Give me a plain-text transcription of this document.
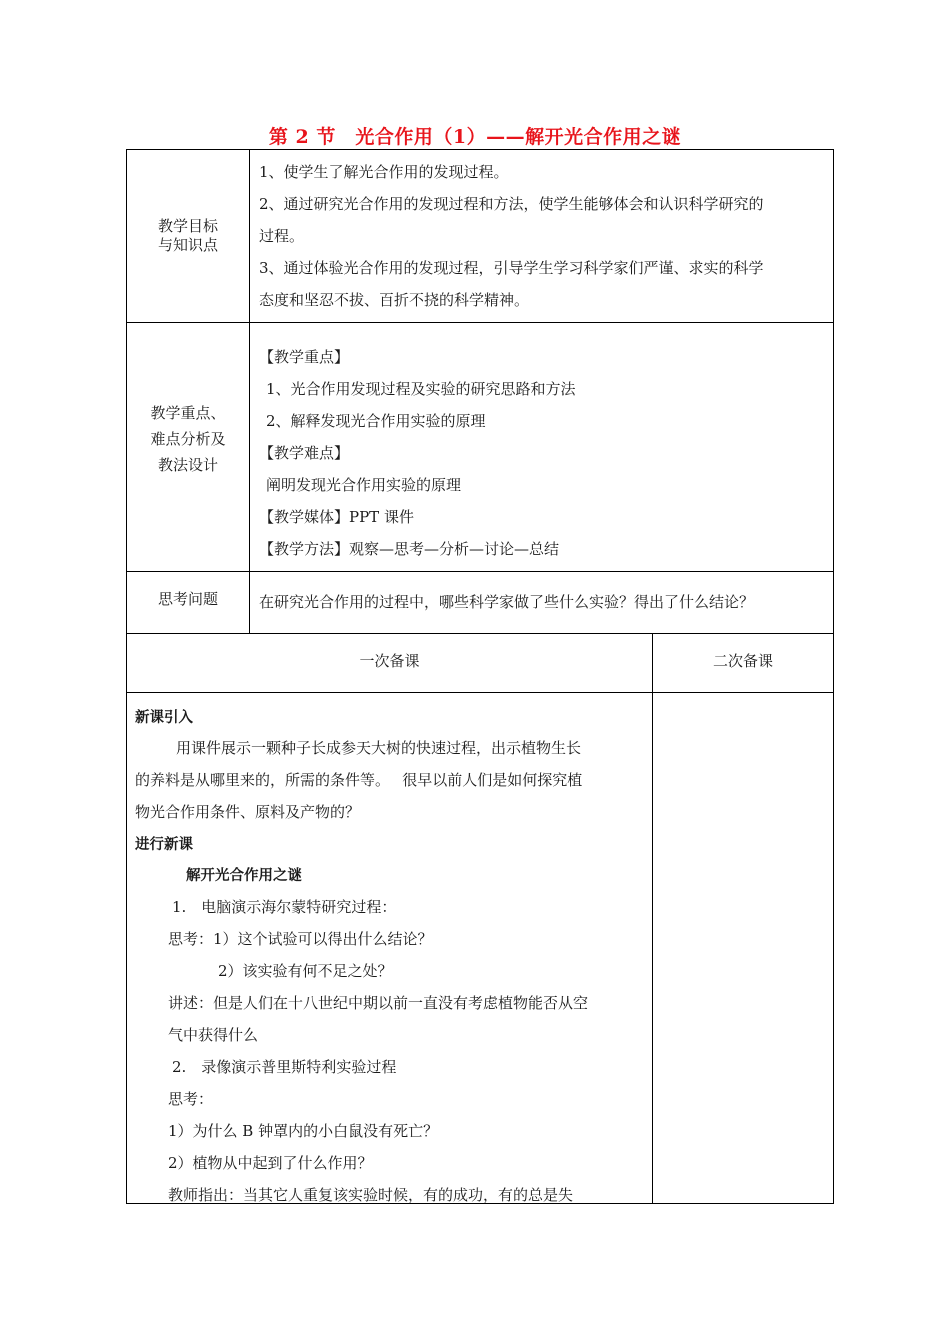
第 2 节　光合作用（1）——解开光合作用之谜
教学目标
与知识点
1、使学生了解光合作用的发现过程。
2、通过研究光合作用的发现过程和方法，使学生能够体会和认识科学研究的
过程。
3、通过体验光合作用的发现过程，引导学生学习科学家们严谨、求实的科学
态度和坚忍不拔、百折不挠的科学精神。
教学重点、
难点分析及
教法设计
【教学重点】
1、光合作用发现过程及实验的研究思路和方法
2、解释发现光合作用实验的原理
【教学难点】
阐明发现光合作用实验的原理
【教学媒体】PPT 课件
【教学方法】观察—思考—分析—讨论—总结
思考问题	在研究光合作用的过程中，哪些科学家做了些什么实验？得出了什么结论？
一次备课	二次备课
新课引入
用课件展示一颗种子长成参天大树的快速过程，出示植物生长
的养料是从哪里来的，所需的条件等。　 很早以前人们是如何探究植
物光合作用条件、原料及产物的？
进行新课
解开光合作用之谜
1.　电脑演示海尔蒙特研究过程：
思考：1）这个试验可以得出什么结论？
2）该实验有何不足之处？
讲述：但是人们在十八世纪中期以前一直没有考虑植物能否从空
气中获得什么
2.　录像演示普里斯特利实验过程
思考：
1）为什么 B 钟罩内的小白鼠没有死亡？
2）植物从中起到了什么作用？
教师指出：当其它人重复该实验时候，有的成功，有的总是失
